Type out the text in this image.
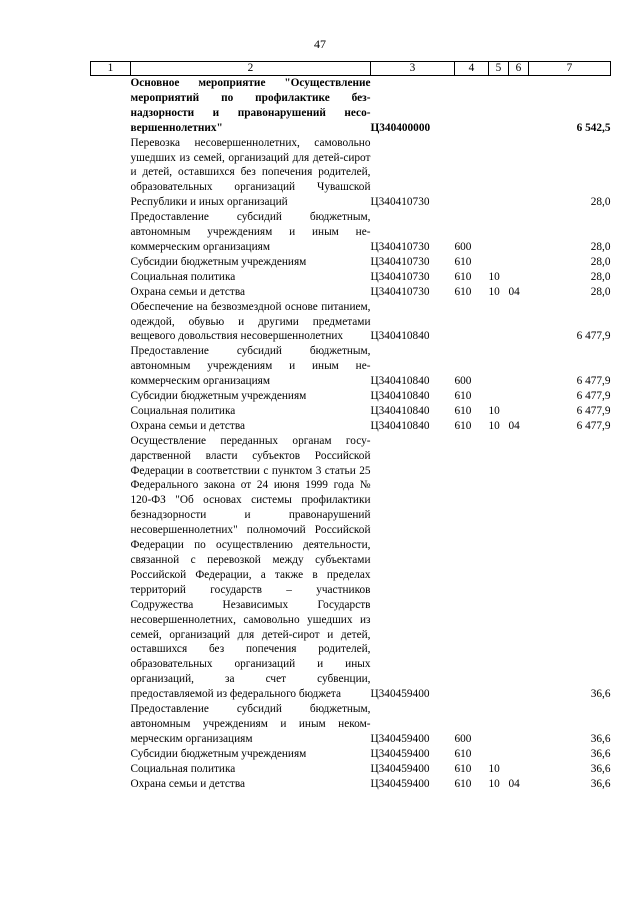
47
1	2	3	4	5	6	7
	Основное мероприятие "Осуществление мероприятий по профилактике безнадзорности и правонарушений несовершеннолетних"	Ц340400000				6 542,5
	Перевозка несовершеннолетних, самовольно ушедших из семей, организаций для детей-сирот и детей, оставшихся без попечения родителей, образовательных организаций Чувашской Республики и иных организаций	Ц340410730				28,0
	Предоставление субсидий бюджетным, автономным учреждениям и иным некоммерческим организациям	Ц340410730	600			28,0
	Субсидии бюджетным учреждениям	Ц340410730	610			28,0
	Социальная политика	Ц340410730	610	10		28,0
	Охрана семьи и детства	Ц340410730	610	10	04	28,0
	Обеспечение на безвозмездной основе питанием, одеждой, обувью и другими предметами вещевого довольствия несовершеннолетних	Ц340410840				6 477,9
	Предоставление субсидий бюджетным, автономным учреждениям и иным некоммерческим организациям	Ц340410840	600			6 477,9
	Субсидии бюджетным учреждениям	Ц340410840	610			6 477,9
	Социальная политика	Ц340410840	610	10		6 477,9
	Охрана семьи и детства	Ц340410840	610	10	04	6 477,9
	Осуществление переданных органам государственной власти субъектов Российской Федерации в соответствии с пунктом 3 статьи 25 Федерального закона от 24 июня 1999 года № 120-ФЗ "Об основах системы профилактики безнадзорности и правонарушений несовершеннолетних" полномочий Российской Федерации по осуществлению деятельности, связанной с перевозкой между субъектами Российской Федерации, а также в пределах территорий государств – участников Содружества Независимых Государств несовершеннолетних, самовольно ушедших из семей, организаций для детей-сирот и детей, оставшихся без попечения родителей, образовательных организаций и иных организаций, за счет субвенции, предоставляемой из федерального бюджета	Ц340459400				36,6
	Предоставление субсидий бюджетным, автономным учреждениям и иным некоммерческим организациям	Ц340459400	600			36,6
	Субсидии бюджетным учреждениям	Ц340459400	610			36,6
	Социальная политика	Ц340459400	610	10		36,6
	Охрана семьи и детства	Ц340459400	610	10	04	36,6
